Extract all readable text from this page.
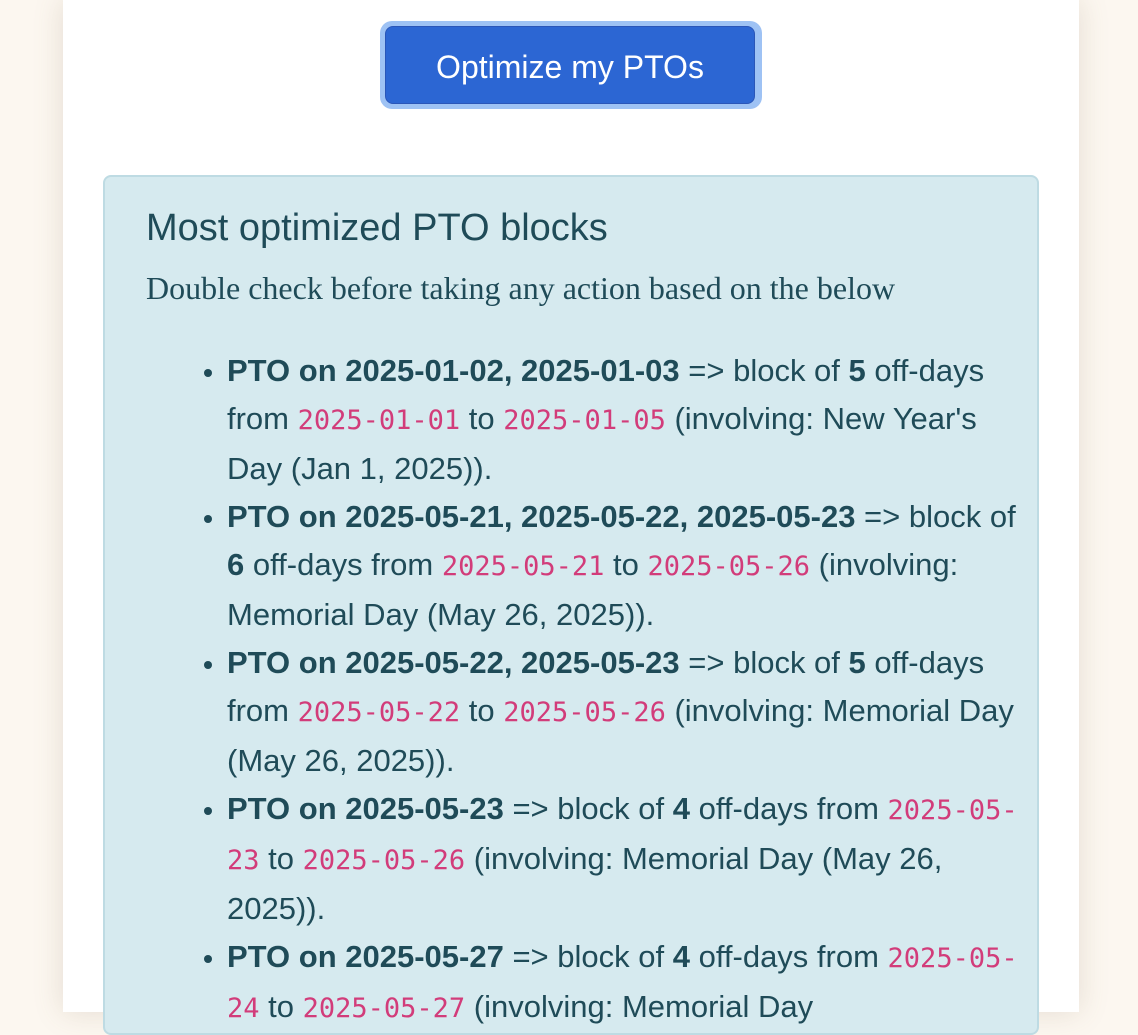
Optimize my PTOs
Most optimized PTO blocks

Double check before taking any action based on the below

• PTO on 2025-01-02, 2025-01-03 => block of 5 off-days from 2025-01-01 to 2025-01-05 (involving: New Year's Day (Jan 1, 2025)).
• PTO on 2025-05-21, 2025-05-22, 2025-05-23 => block of 6 off-days from 2025-05-21 to 2025-05-26 (involving: Memorial Day (May 26, 2025)).
• PTO on 2025-05-22, 2025-05-23 => block of 5 off-days from 2025-05-22 to 2025-05-26 (involving: Memorial Day (May 26, 2025)).
• PTO on 2025-05-23 => block of 4 off-days from 2025-05-23 to 2025-05-26 (involving: Memorial Day (May 26, 2025)).
• PTO on 2025-05-27 => block of 4 off-days from 2025-05-24 to 2025-05-27 (involving: Memorial Day
